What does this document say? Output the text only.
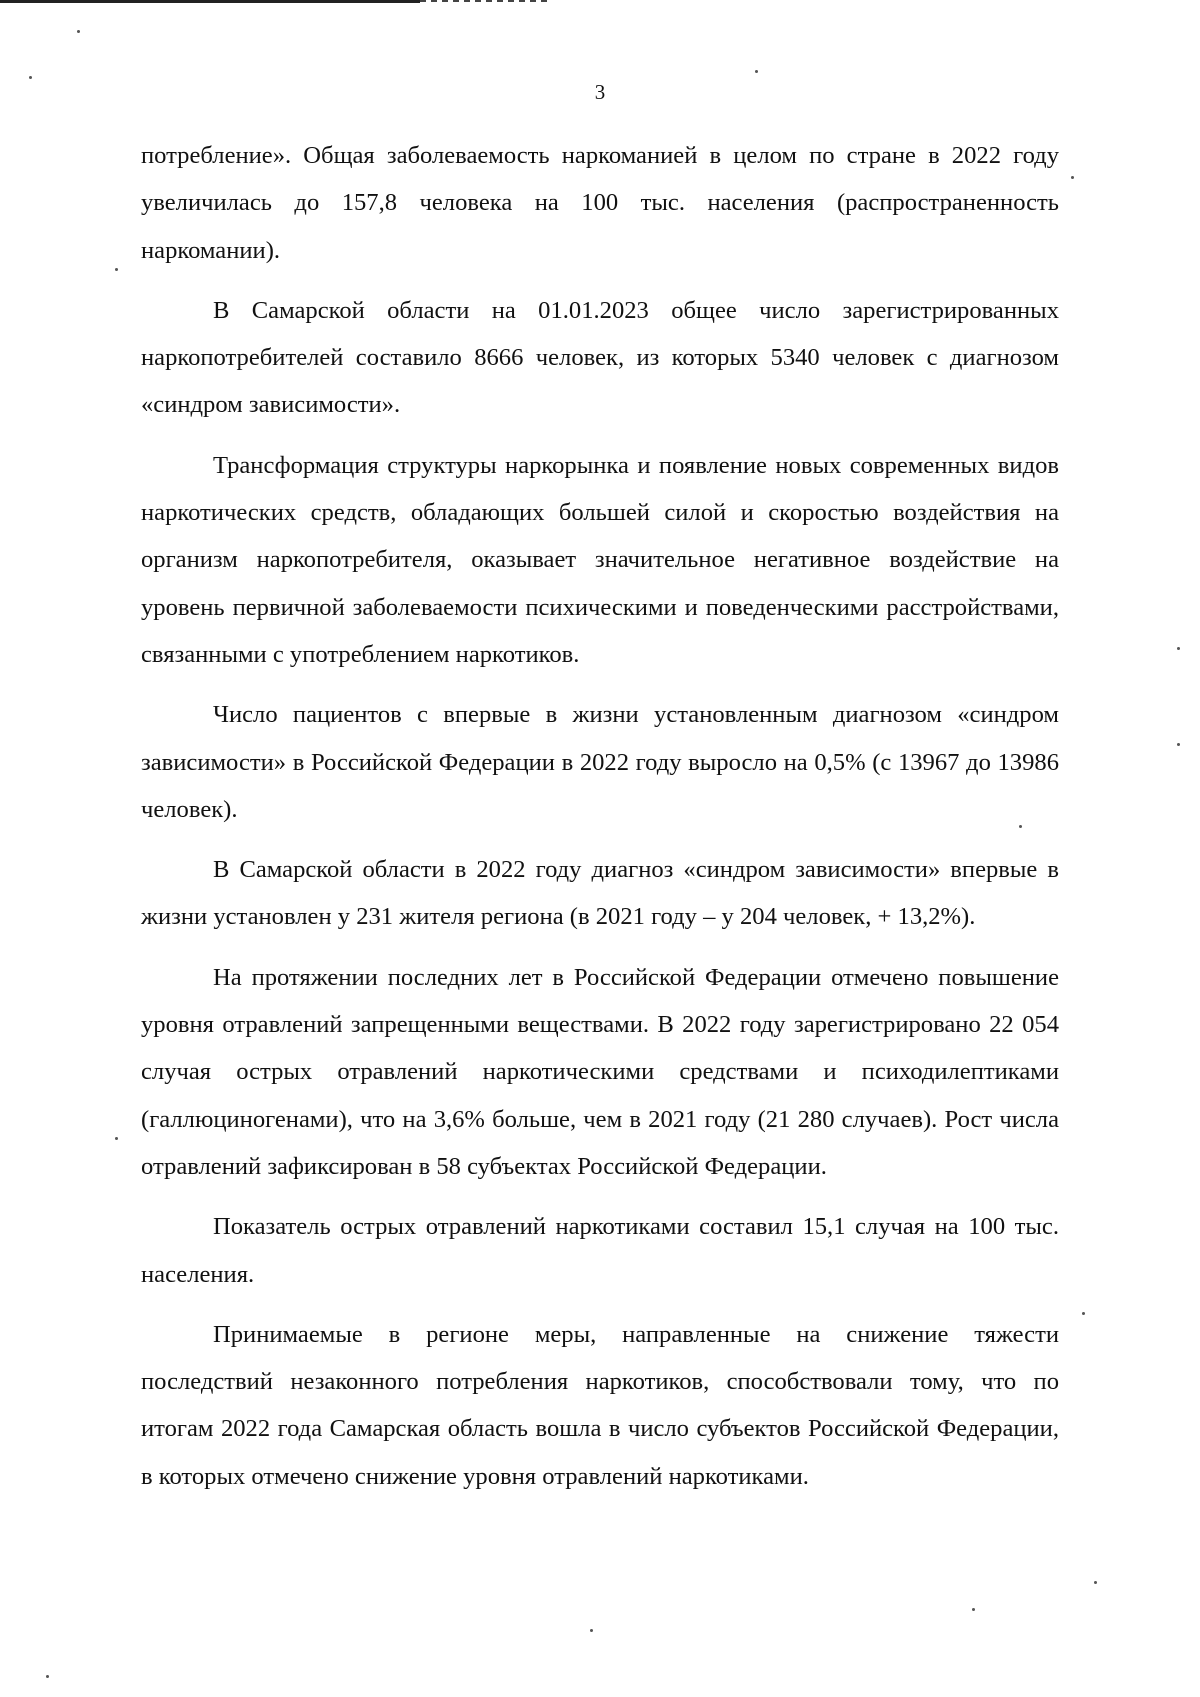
3

потребление». Общая заболеваемость наркоманией в целом по стране в 2022 году увеличилась до 157,8 человека на 100 тыс. населения (распространенность наркомании).

В Самарской области на 01.01.2023 общее число зарегистрированных наркопотребителей составило 8666 человек, из которых 5340 человек с диагнозом «синдром зависимости».

Трансформация структуры наркорынка и появление новых современных видов наркотических средств, обладающих большей силой и скоростью воздействия на организм наркопотребителя, оказывает значительное негативное воздействие на уровень первичной заболеваемости психическими и поведенческими расстройствами, связанными с употреблением наркотиков.

Число пациентов с впервые в жизни установленным диагнозом «синдром зависимости» в Российской Федерации в 2022 году выросло на 0,5% (с 13967 до 13986 человек).

В Самарской области в 2022 году диагноз «синдром зависимости» впервые в жизни установлен у 231 жителя региона (в 2021 году – у 204 человек, + 13,2%).

На протяжении последних лет в Российской Федерации отмечено повышение уровня отравлений запрещенными веществами. В 2022 году зарегистрировано 22 054 случая острых отравлений наркотическими средствами и психодилептиками (галлюциногенами), что на 3,6% больше, чем в 2021 году (21 280 случаев). Рост числа отравлений зафиксирован в 58 субъектах Российской Федерации.

Показатель острых отравлений наркотиками составил 15,1 случая на 100 тыс. населения.

Принимаемые в регионе меры, направленные на снижение тяжести последствий незаконного потребления наркотиков, способствовали тому, что по итогам 2022 года Самарская область вошла в число субъектов Российской Федерации, в которых отмечено снижение уровня отравлений наркотиками.
